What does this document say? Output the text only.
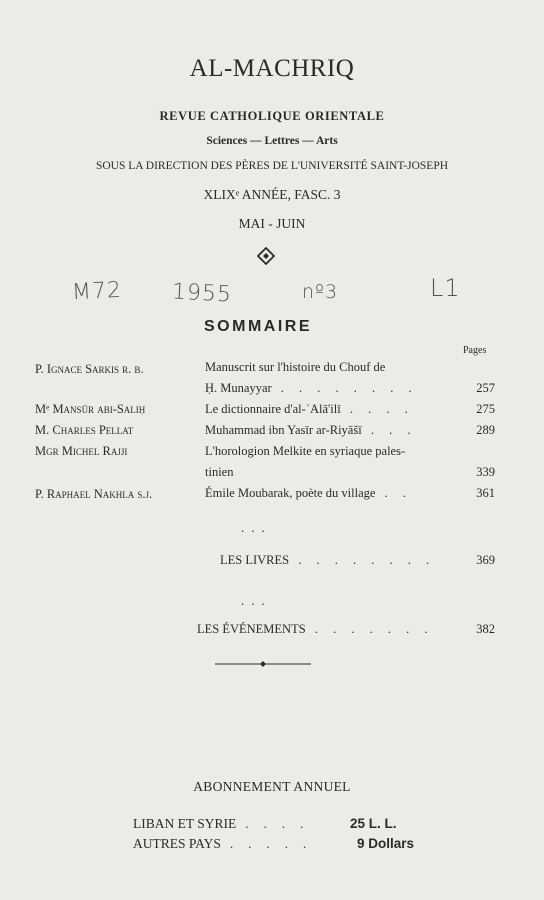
AL-MACHRIQ
REVUE CATHOLIQUE ORIENTALE
Sciences — Lettres — Arts
SOUS LA DIRECTION DES PÈRES DE L'UNIVERSITÉ SAINT-JOSEPH
XLIXᵉ ANNÉE, FASC. 3
MAI - JUIN
M72 1955	nº3	L1
SOMMAIRE
Pages
P. Ignace Sarkis r. b.	Manuscrit sur l'histoire du Chouf de
Ḥ. Munayyar . . . . . . . .	257
Mᵉ Mansūr abi-Saliḥ	Le dictionnaire d'al-ʿAlā'ilī . . . .	275
M. Charles Pellat	Muhammad ibn Yasīr ar-Riyāšī . . .	289
Mgr Michel Rajji	L'horologion Melkite en syriaque pales-
tinien	339
P. Raphael Nakhla s.j.	Émile Moubarak, poète du village . .	361
...
LES LIVRES . . . . . . . .	369
...
LES ÉVÉNEMENTS . . . . . . .	382
ABONNEMENT ANNUEL
LIBAN ET SYRIE . . . .	25 L. L.
AUTRES PAYS . . . . .	9 Dollars
